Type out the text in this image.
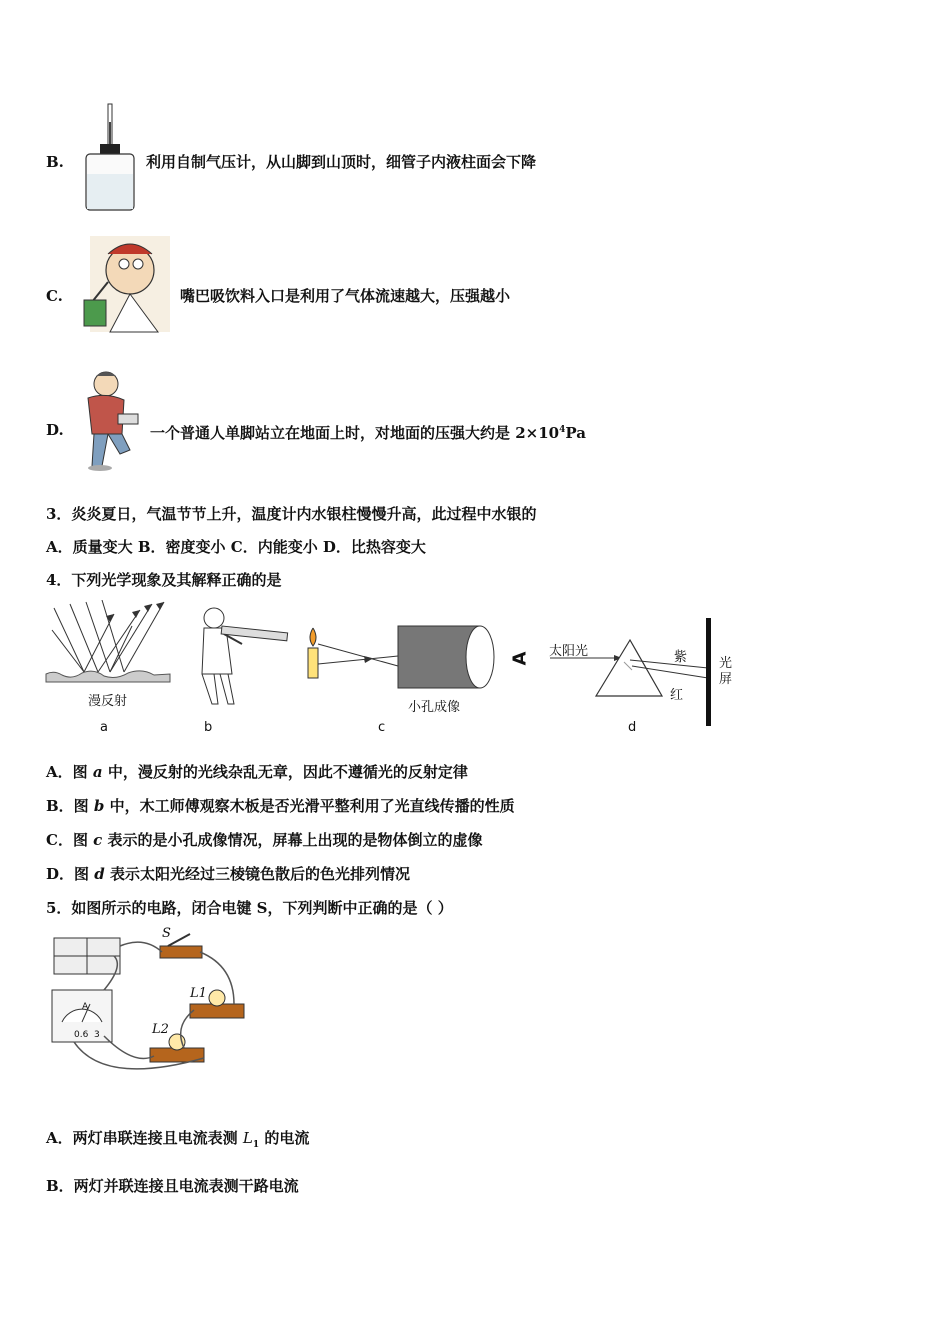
B.	利用自制气压计，从山脚到山顶时，细管子内液柱面会下降
C.	嘴巴吸饮料入口是利用了气体流速越大，压强越小
D.	一个普通人单脚站立在地面上时，对地面的压强大约是 $2\times 10^4Pa$
3．炎炎夏日，气温节节上升，温度计内水银柱慢慢升高，此过程中水银的
A．质量变大 B．密度变小 C．内能变小 D．比热容变大
4．下列光学现象及其解释正确的是
漫反射
a	b
A
小孔成像
c
太阳光	紫
红
光屏
d
A．图 a 中，漫反射的光线杂乱无章，因此不遵循光的反射定律
B．图 b 中，木工师傅观察木板是否光滑平整利用了光直线传播的性质
C．图 c 表示的是小孔成像情况，屏幕上出现的是物体倒立的虚像
D．图 d 表示太阳光经过三棱镜色散后的色光排列情况
5．如图所示的电路，闭合电键 S，下列判断中正确的是（ ）
S
L1
L2
A
0.6  3
A．两灯串联连接且电流表测 $L_1$ 的电流
B．两灯并联连接且电流表测干路电流
